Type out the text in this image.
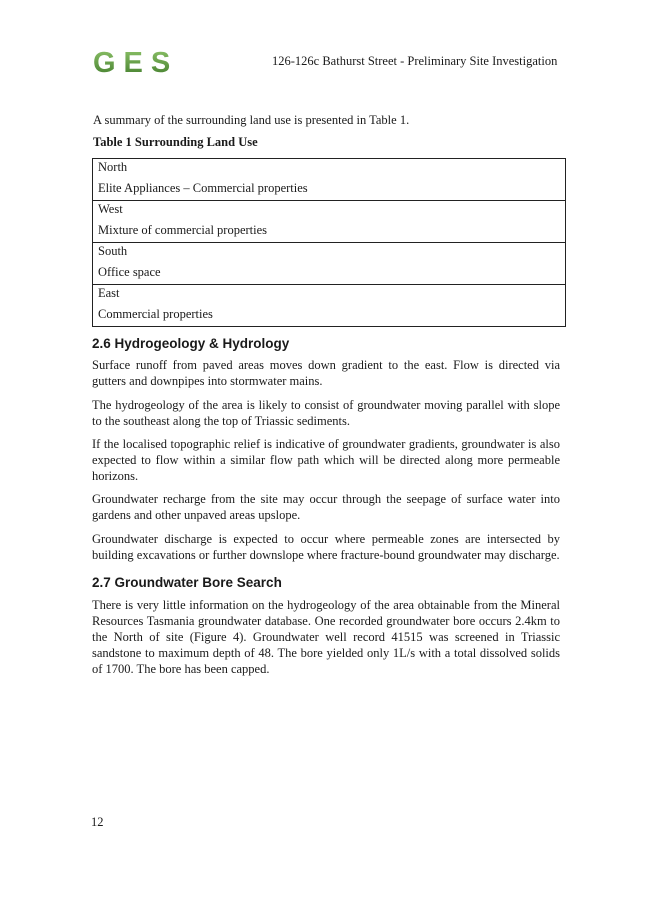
GES	126-126c Bathurst Street - Preliminary Site Investigation
A summary of the surrounding land use is presented in Table 1.
Table 1 Surrounding Land Use
North
Elite Appliances – Commercial properties
West
Mixture of commercial properties
South
Office space
East
Commercial properties
2.6 Hydrogeology & Hydrology

Surface runoff from paved areas moves down gradient to the east. Flow is directed via gutters and downpipes into stormwater mains.

The hydrogeology of the area is likely to consist of groundwater moving parallel with slope to the southeast along the top of Triassic sediments.

If the localised topographic relief is indicative of groundwater gradients, groundwater is also expected to flow within a similar flow path which will be directed along more permeable horizons.

Groundwater recharge from the site may occur through the seepage of surface water into gardens and other unpaved areas upslope.

Groundwater discharge is expected to occur where permeable zones are intersected by building excavations or further downslope where fracture-bound groundwater may discharge.

2.7 Groundwater Bore Search

There is very little information on the hydrogeology of the area obtainable from the Mineral Resources Tasmania groundwater database. One recorded groundwater bore occurs 2.4km to the North of site (Figure 4). Groundwater well record 41515 was screened in Triassic sandstone to maximum depth of 48. The bore yielded only 1L/s with a total dissolved solids of 1700. The bore has been capped.

12
